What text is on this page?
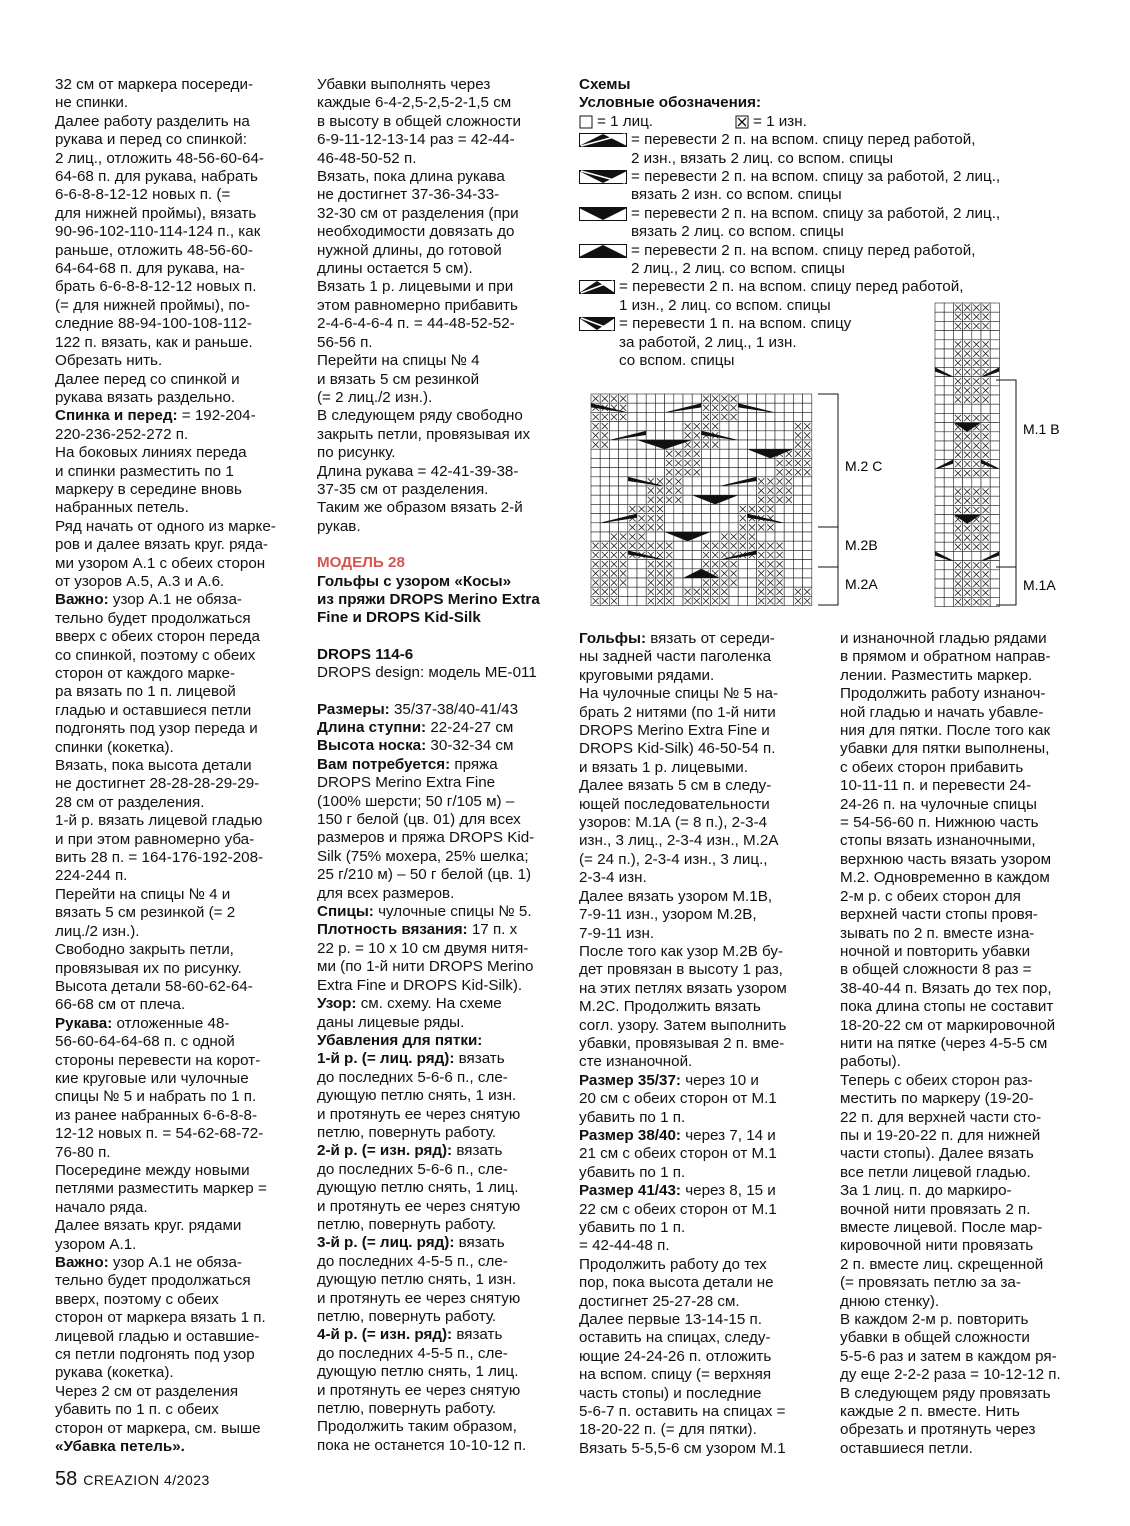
32 см от маркера посереди-
не спинки.

Далее работу разделить на
рукава и перед со спинкой:
2 лиц., отложить 48-56-60-64-
64-68 п. для рукава, набрать
6-6-8-8-12-12 новых п. (=
для нижней проймы), вязать
90-96-102-110-114-124 п., как
раньше, отложить 48-56-60-
64-64-68 п. для рукава, на-
брать 6-6-8-8-12-12 новых п.
(= для нижней проймы), по-
следние 88-94-100-108-112-
122 п. вязать, как и раньше.
Обрезать нить.

Далее перед со спинкой и
рукава вязать раздельно.

Спинка и перед: = 192-204-
220-236-252-272 п.

На боковых линиях переда
и спинки разместить по 1
маркеру в середине вновь
набранных петель.

Ряд начать от одного из марке-
ров и далее вязать круг. ряда-
ми узором А.1 с обеих сторон
от узоров А.5, А.3 и А.6.

Важно: узор А.1 не обяза-
тельно будет продолжаться
вверх с обеих сторон переда
со спинкой, поэтому с обеих
сторон от каждого марке-
ра вязать по 1 п. лицевой
гладью и оставшиеся петли
подгонять под узор переда и
спинки (кокетка).

Вязать, пока высота детали
не достигнет 28-28-28-29-29-
28 см от разделения.

1-й р. вязать лицевой гладью
и при этом равномерно уба-
вить 28 п. = 164-176-192-208-
224-244 п.

Перейти на спицы № 4 и
вязать 5 см резинкой (= 2
лиц./2 изн.).

Свободно закрыть петли,
провязывая их по рисунку.

Высота детали 58-60-62-64-
66-68 см от плеча.

Рукава: отложенные 48-
56-60-64-64-68 п. с одной
стороны перевести на корот-
кие круговые или чулочные
спицы № 5 и набрать по 1 п.
из ранее набранных 6-6-8-8-
12-12 новых п. = 54-62-68-72-
76-80 п.

Посередине между новыми
петлями разместить маркер =
начало ряда.

Далее вязать круг. рядами
узором А.1.

Важно: узор А.1 не обяза-
тельно будет продолжаться
вверх, поэтому с обеих
сторон от маркера вязать 1 п.
лицевой гладью и оставшие-
ся петли подгонять под узор
рукава (кокетка).

Через 2 см от разделения
убавить по 1 п. с обеих
сторон от маркера, см. выше

«Убавка петель».

Убавки выполнять через
каждые 6-4-2,5-2,5-2-1,5 см
в высоту в общей сложности
6-9-11-12-13-14 раз = 42-44-
46-48-50-52 п.

Вязать, пока длина рукава
не достигнет 37-36-34-33-
32-30 см от разделения (при
необходимости довязать до
нужной длины, до готовой
длины остается 5 см).

Вязать 1 р. лицевыми и при
этом равномерно прибавить
2-4-6-4-6-4 п. = 44-48-52-52-
56-56 п.

Перейти на спицы № 4
и вязать 5 см резинкой
(= 2 лиц./2 изн.).

В следующем ряду свободно
закрыть петли, провязывая их
по рисунку.

Длина рукава = 42-41-39-38-
37-35 см от разделения.

Таким же образом вязать 2-й
рукав.

МОДЕЛЬ 28

Гольфы с узором «Косы»
из пряжи DROPS Merino Extra
Fine и DROPS Kid-Silk

DROPS 114-6

DROPS design: модель ME-011

Размеры: 35/37-38/40-41/43

Длина ступни: 22-24-27 см

Высота носка: 30-32-34 см

Вам потребуется: пряжа
DROPS Merino Extra Fine
(100% шерсти; 50 г/105 м) –
150 г белой (цв. 01) для всех
размеров и пряжа DROPS Kid-
Silk (75% мохера, 25% шелка;
25 г/210 м) – 50 г белой (цв. 1)
для всех размеров.

Спицы: чулочные спицы № 5.

Плотность вязания: 17 п. х
22 р. = 10 х 10 см двумя нитя-
ми (по 1-й нити DROPS Merino
Extra Fine и DROPS Kid-Silk).

Узор: см. схему. На схеме
даны лицевые ряды.

Убавления для пятки:

1-й р. (= лиц. ряд): вязать
до последних 5-6-6 п., сле-
дующую петлю снять, 1 изн.
и протянуть ее через снятую
петлю, повернуть работу.

2-й р. (= изн. ряд): вязать
до последних 5-6-6 п., сле-
дующую петлю снять, 1 лиц.
и протянуть ее через снятую
петлю, повернуть работу.

3-й р. (= лиц. ряд): вязать
до последних 4-5-5 п., сле-
дующую петлю снять, 1 изн.
и протянуть ее через снятую
петлю, повернуть работу.

4-й р. (= изн. ряд): вязать
до последних 4-5-5 п., сле-
дующую петлю снять, 1 лиц.
и протянуть ее через снятую
петлю, повернуть работу.

Продолжить таким образом,
пока не останется 10-10-12 п.

Схемы

Условные обозначения:

= 1 лиц.	= 1 изн.

= перевести 2 п. на вспом. спицу перед работой,
2 изн., вязать 2 лиц. со вспом. спицы

= перевести 2 п. на вспом. спицу за работой, 2 лиц.,
вязать 2 изн. со вспом. спицы

= перевести 2 п. на вспом. спицу за работой, 2 лиц.,
вязать 2 лиц. со вспом. спицы

= перевести 2 п. на вспом. спицу перед работой,
2 лиц., 2 лиц. со вспом. спицы

= перевести 2 п. на вспом. спицу перед работой,
1 изн., 2 лиц. со вспом. спицы

= перевести 1 п. на вспом. спицу
за работой, 2 лиц., 1 изн.
со вспом. спицы

M.2 C
M.2B
M.2A
M.1 B
M.1A

Гольфы: вязать от середи-
ны задней части паголенка
круговыми рядами.

На чулочные спицы № 5 на-
брать 2 нитями (по 1-й нити
DROPS Merino Extra Fine и
DROPS Kid-Silk) 46-50-54 п.
и вязать 1 р. лицевыми.

Далее вязать 5 см в следу-
ющей последовательности
узоров: М.1А (= 8 п.), 2-3-4
изн., 3 лиц., 2-3-4 изн., М.2А
(= 24 п.), 2-3-4 изн., 3 лиц.,
2-3-4 изн.

Далее вязать узором М.1В,
7-9-11 изн., узором М.2В,
7-9-11 изн.

После того как узор М.2В бу-
дет провязан в высоту 1 раз,
на этих петлях вязать узором
М.2С. Продолжить вязать
согл. узору. Затем выполнить
убавки, провязывая 2 п. вме-
сте изнаночной.

Размер 35/37: через 10 и
20 см с обеих сторон от М.1
убавить по 1 п.

Размер 38/40: через 7, 14 и
21 см с обеих сторон от М.1
убавить по 1 п.

Размер 41/43: через 8, 15 и
22 см с обеих сторон от М.1
убавить по 1 п.
= 42-44-48 п.

Продолжить работу до тех
пор, пока высота детали не
достигнет 25-27-28 см.

Далее первые 13-14-15 п.
оставить на спицах, следу-
ющие 24-24-26 п. отложить
на вспом. спицу (= верхняя
часть стопы) и последние
5-6-7 п. оставить на спицах =
18-20-22 п. (= для пятки).

Вязать 5-5,5-6 см узором М.1

и изнаночной гладью рядами
в прямом и обратном направ-
лении. Разместить маркер.

Продолжить работу изнаноч-
ной гладью и начать убавле-
ния для пятки. После того как
убавки для пятки выполнены,
с обеих сторон прибавить
10-11-11 п. и перевести 24-
24-26 п. на чулочные спицы
= 54-56-60 п. Нижнюю часть
стопы вязать изнаночными,
верхнюю часть вязать узором
М.2. Одновременно в каждом
2-м р. с обеих сторон для
верхней части стопы провя-
зывать по 2 п. вместе изна-
ночной и повторить убавки
в общей сложности 8 раз =
38-40-44 п. Вязать до тех пор,
пока длина стопы не составит
18-20-22 см от маркировочной
нити на пятке (через 4-5-5 см
работы).

Теперь с обеих сторон раз-
местить по маркеру (19-20-
22 п. для верхней части сто-
пы и 19-20-22 п. для нижней
части стопы). Далее вязать
все петли лицевой гладью.

За 1 лиц. п. до маркиро-
вочной нити провязать 2 п.
вместе лицевой. После мар-
кировочной нити провязать
2 п. вместе лиц. скрещенной
(= провязать петлю за за-
днюю стенку).

В каждом 2-м р. повторить
убавки в общей сложности
5-5-6 раз и затем в каждом ря-
ду еще 2-2-2 раза = 10-12-12 п.

В следующем ряду провязать
каждые 2 п. вместе. Нить
обрезать и протянуть через
оставшиеся петли.

58 CREAZION 4/2023
